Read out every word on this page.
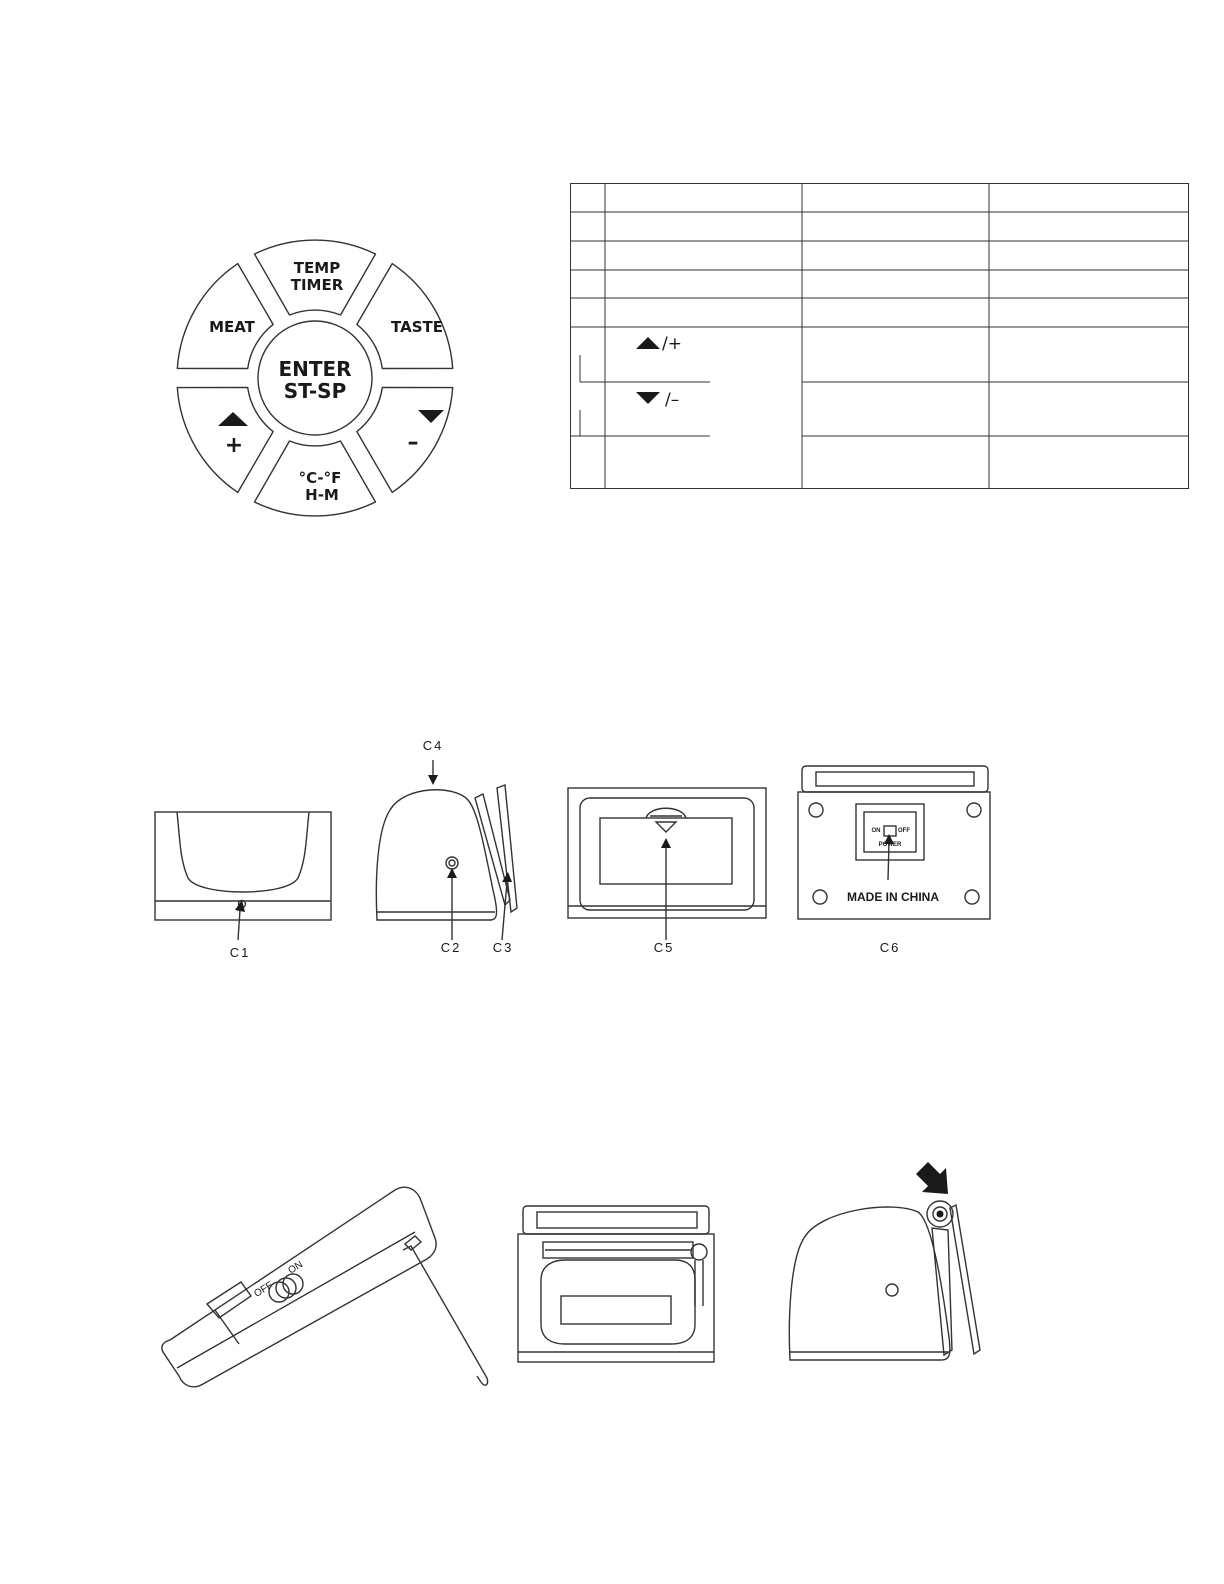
TEMP
TIMER
MEAT	TASTE
ENTER
ST-SP
+	–
°C-°F
H-M
/+
/–
C1
C4
C2 C3	C5
ON	OFF
POWER
MADE IN CHINA
C6
OFF
ON
